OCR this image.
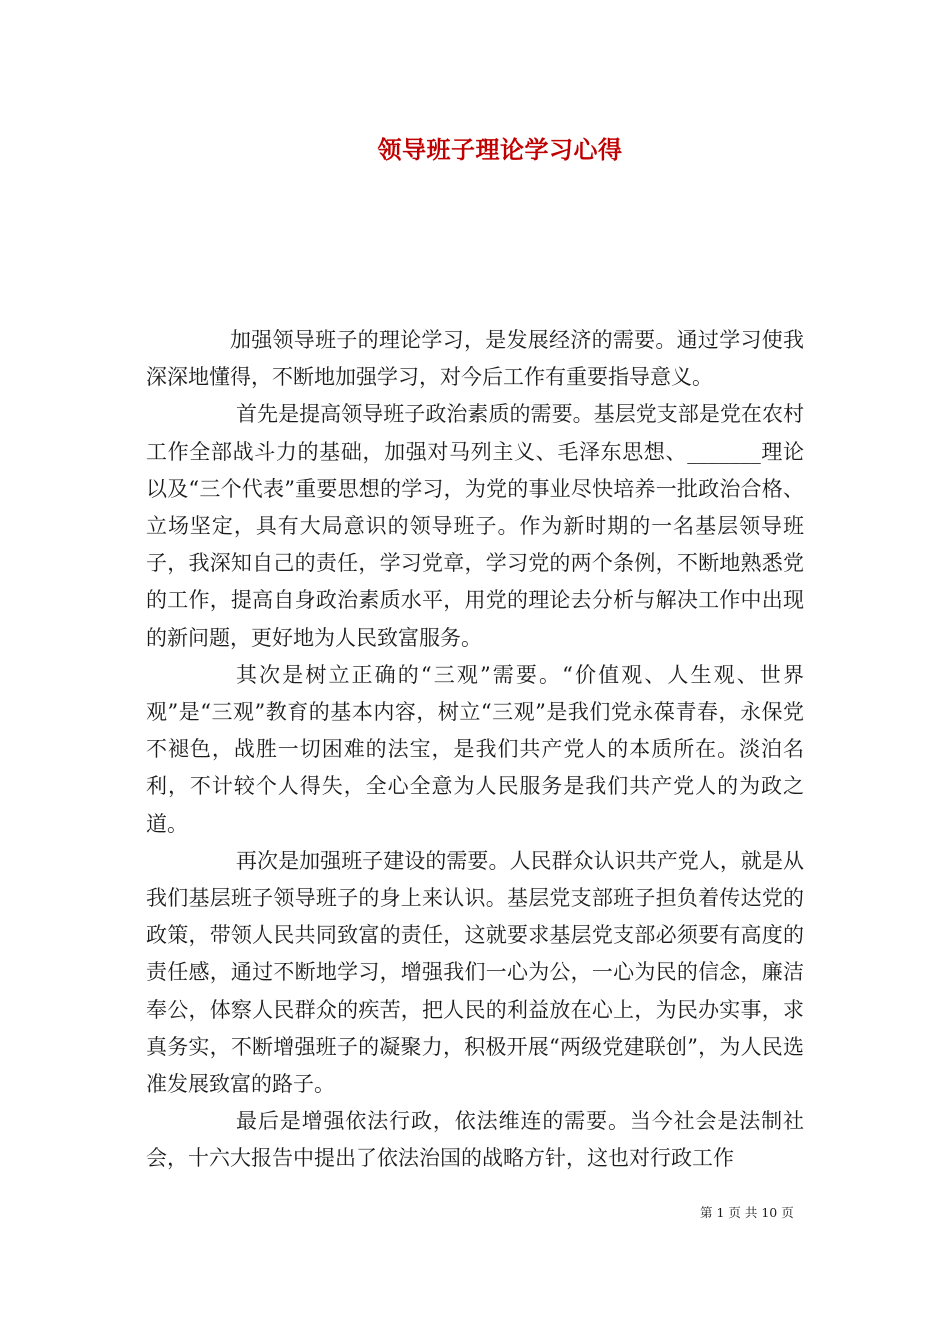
领导班子理论学习心得

加强领导班子的理论学习，是发展经济的需要。通过学习使我深深地懂得，不断地加强学习，对今后工作有重要指导意义。

首先是提高领导班子政治素质的需要。基层党支部是党在农村工作全部战斗力的基础，加强对马列主义、毛泽东思想、_______理论以及“三个代表”重要思想的学习，为党的事业尽快培养一批政治合格、立场坚定，具有大局意识的领导班子。作为新时期的一名基层领导班子，我深知自己的责任，学习党章，学习党的两个条例，不断地熟悉党的工作，提高自身政治素质水平，用党的理论去分析与解决工作中出现的新问题，更好地为人民致富服务。

其次是树立正确的“三观”需要。“价值观、人生观、世界观”是“三观”教育的基本内容，树立“三观”是我们党永葆青春，永保党不褪色，战胜一切困难的法宝，是我们共产党人的本质所在。淡泊名利，不计较个人得失，全心全意为人民服务是我们共产党人的为政之道。

再次是加强班子建设的需要。人民群众认识共产党人，就是从我们基层班子领导班子的身上来认识。基层党支部班子担负着传达党的政策，带领人民共同致富的责任，这就要求基层党支部必须要有高度的责任感，通过不断地学习，增强我们一心为公，一心为民的信念，廉洁奉公，体察人民群众的疾苦，把人民的利益放在心上，为民办实事，求真务实，不断增强班子的凝聚力，积极开展“两级党建联创”，为人民选准发展致富的路子。

最后是增强依法行政，依法维连的需要。当今社会是法制社会，十六大报告中提出了依法治国的战略方针，这也对行政工作

第 1 页 共 10 页
